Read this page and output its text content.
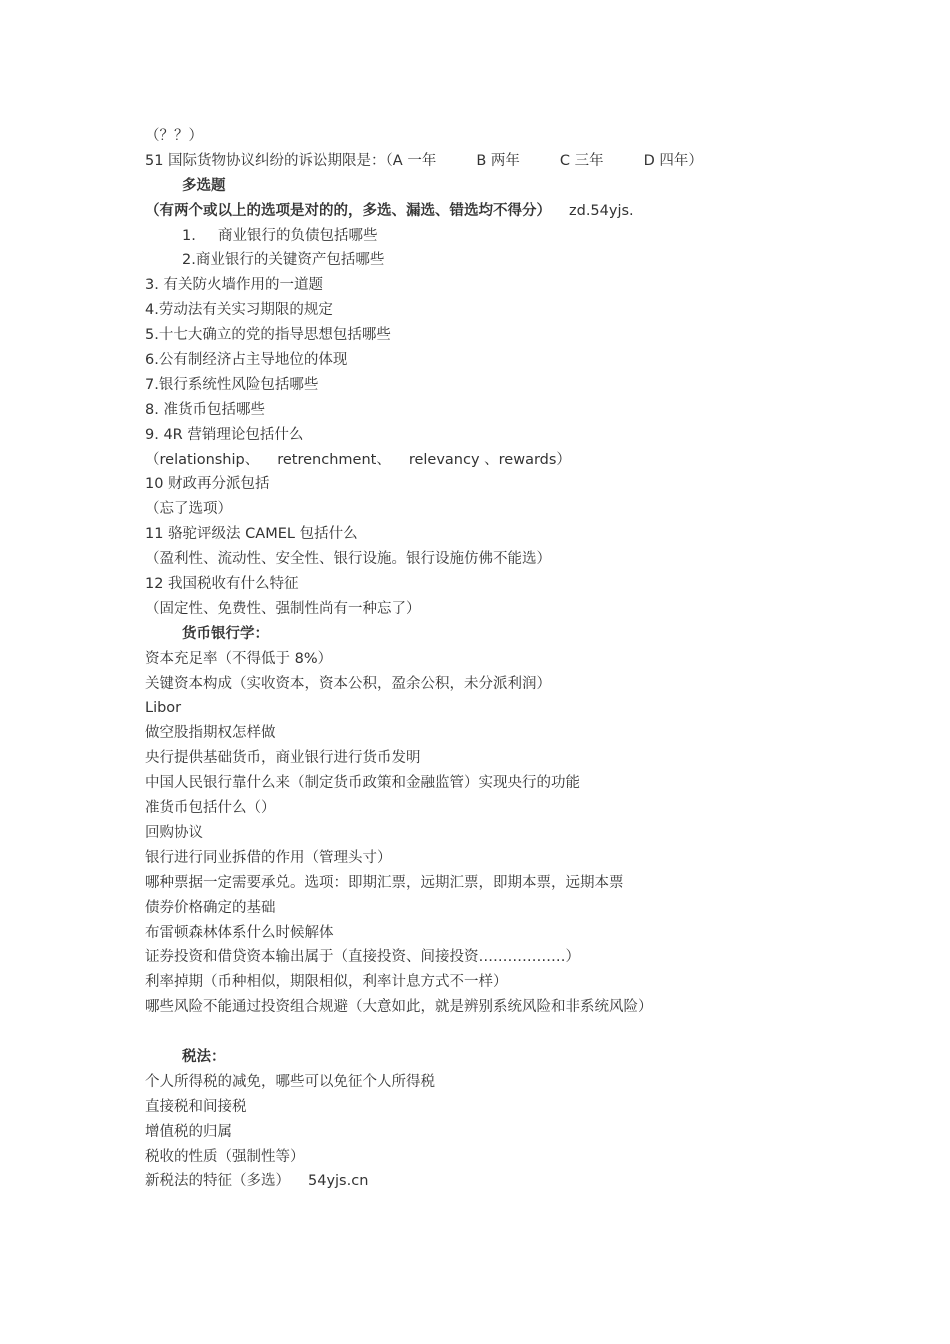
（？？）
51 国际货物协议纠纷的诉讼期限是：（A 一年	B 两年	C 三年	D 四年）
多选题
（有两个或以上的选项是对的的，多选、漏选、错选均不得分） zd.54yjs.
1. 商业银行的负债包括哪些
2.商业银行的关键资产包括哪些
3. 有关防火墙作用的一道题
4.劳动法有关实习期限的规定
5.十七大确立的党的指导思想包括哪些
6.公有制经济占主导地位的体现
7.银行系统性风险包括哪些
8. 准货币包括哪些
9. 4R 营销理论包括什么
（relationship、 retrenchment、 relevancy 、rewards）
10 财政再分派包括
（忘了选项）
11 骆驼评级法 CAMEL 包括什么
（盈利性、流动性、安全性、银行设施。银行设施仿佛不能选）
12 我国税收有什么特征
（固定性、免费性、强制性尚有一种忘了）
货币银行学：
资本充足率（不得低于 8%）
关键资本构成（实收资本，资本公积，盈余公积，未分派利润）
Libor
做空股指期权怎样做
央行提供基础货币，商业银行进行货币发明
中国人民银行靠什么来（制定货币政策和金融监管）实现央行的功能
准货币包括什么（）
回购协议
银行进行同业拆借的作用（管理头寸）
哪种票据一定需要承兑。选项：即期汇票，远期汇票，即期本票，远期本票
债券价格确定的基础
布雷顿森林体系什么时候解体
证券投资和借贷资本输出属于（直接投资、间接投资………………）
利率掉期（币种相似，期限相似，利率计息方式不一样）
哪些风险不能通过投资组合规避（大意如此，就是辨别系统风险和非系统风险）
税法：
个人所得税的减免，哪些可以免征个人所得税
直接税和间接税
增值税的归属
税收的性质（强制性等）
新税法的特征（多选） 54yjs.cn
